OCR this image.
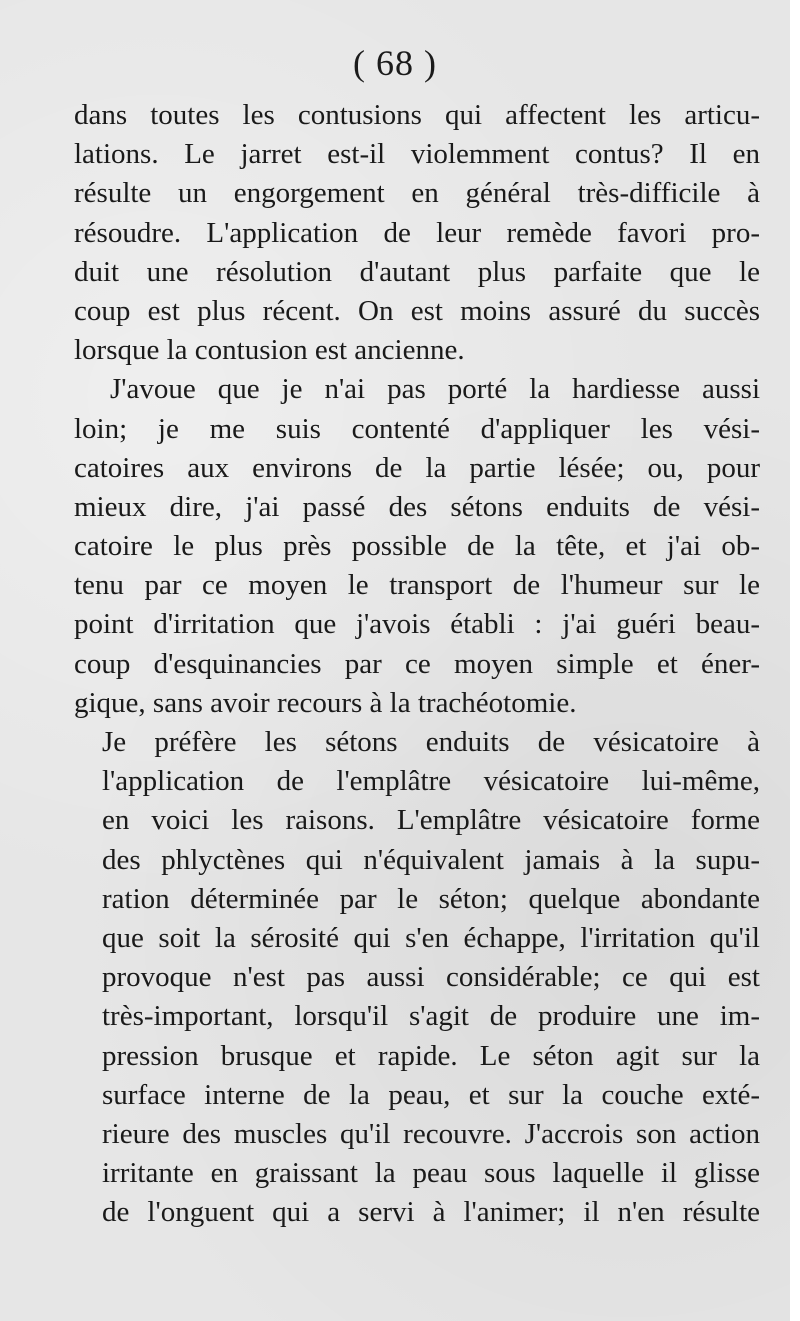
( 68 )
dans toutes les contusions qui affectent les articu-
lations. Le jarret est-il violemment contus? Il en
résulte un engorgement en général très-difficile à
résoudre. L'application de leur remède favori pro-
duit une résolution d'autant plus parfaite que le
coup est plus récent. On est moins assuré du succès
lorsque la contusion est ancienne.
J'avoue que je n'ai pas porté la hardiesse aussi
loin; je me suis contenté d'appliquer les vési-
catoires aux environs de la partie lésée; ou, pour
mieux dire, j'ai passé des sétons enduits de vési-
catoire le plus près possible de la tête, et j'ai ob-
tenu par ce moyen le transport de l'humeur sur le
point d'irritation que j'avois établi : j'ai guéri beau-
coup d'esquinancies par ce moyen simple et éner-
gique, sans avoir recours à la trachéotomie.
Je préfère les sétons enduits de vésicatoire à
l'application de l'emplâtre vésicatoire lui-même,
en voici les raisons. L'emplâtre vésicatoire forme
des phlyctènes qui n'équivalent jamais à la supu-
ration déterminée par le séton; quelque abondante
que soit la sérosité qui s'en échappe, l'irritation qu'il
provoque n'est pas aussi considérable; ce qui est
très-important, lorsqu'il s'agit de produire une im-
pression brusque et rapide. Le séton agit sur la
surface interne de la peau, et sur la couche exté-
rieure des muscles qu'il recouvre. J'accrois son action
irritante en graissant la peau sous laquelle il glisse
de l'onguent qui a servi à l'animer; il n'en résulte
